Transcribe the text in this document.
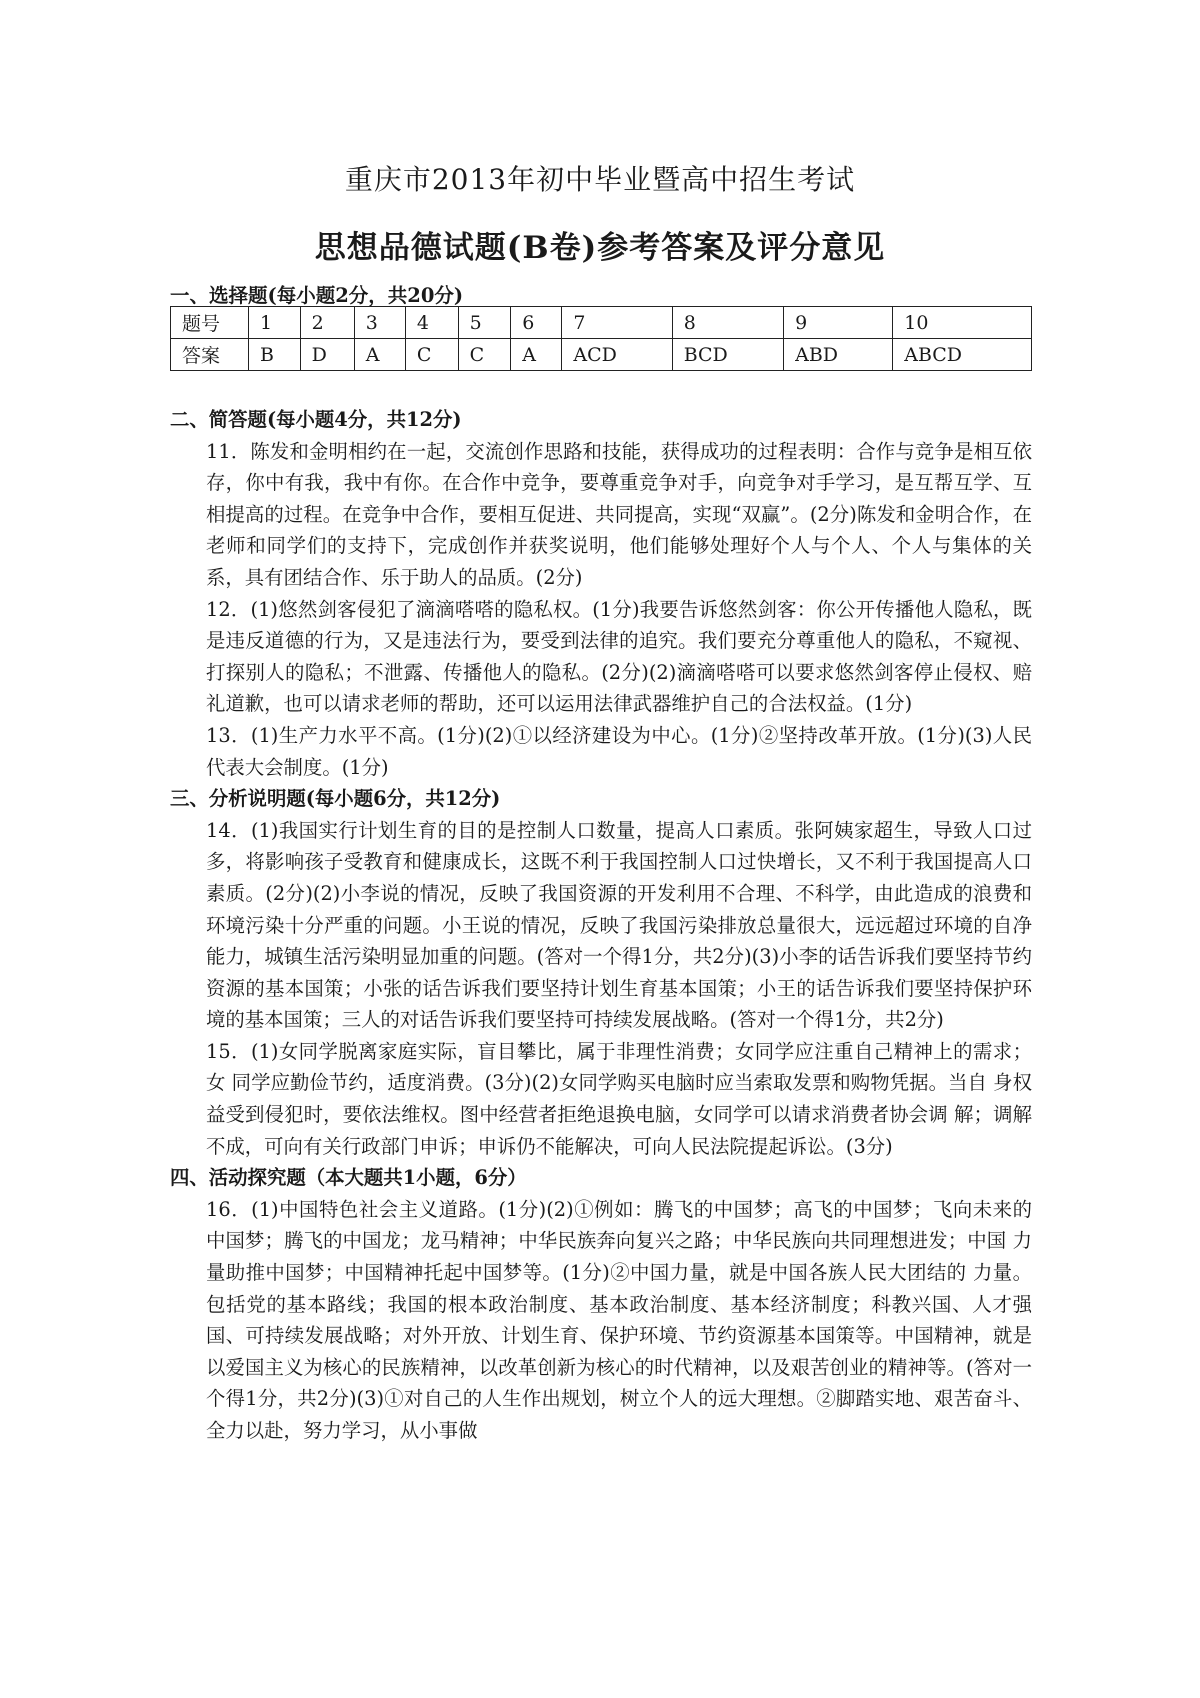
重庆市2013年初中毕业暨高中招生考试
思想品德试题(B卷)参考答案及评分意见
一、选择题(每小题2分，共20分)
题号	1	2	3	4	5	6	7	8	9	10
答案	B	D	A	C	C	A	ACD	BCD	ABD	ABCD
二、简答题(每小题4分，共12分)

11．陈发和金明相约在一起，交流创作思路和技能，获得成功的过程表明：合作与竞争是相互依存，你中有我，我中有你。在合作中竞争，要尊重竞争对手，向竞争对手学习，是互帮互学、互相提高的过程。在竞争中合作，要相互促进、共同提高，实现“双赢”。(2分)陈发和金明合作，在老师和同学们的支持下，完成创作并获奖说明，他们能够处理好个人与个人、个人与集体的关系，具有团结合作、乐于助人的品质。(2分)

12．(1)悠然剑客侵犯了滴滴嗒嗒的隐私权。(1分)我要告诉悠然剑客：你公开传播他人隐私，既是违反道德的行为，又是违法行为，要受到法律的追究。我们要充分尊重他人的隐私，不窥视、打探别人的隐私；不泄露、传播他人的隐私。(2分)(2)滴滴嗒嗒可以要求悠然剑客停止侵权、赔礼道歉，也可以请求老师的帮助，还可以运用法律武器维护自己的合法权益。(1分)

13．(1)生产力水平不高。(1分)(2)①以经济建设为中心。(1分)②坚持改革开放。(1分)(3)人民代表大会制度。(1分)

三、分析说明题(每小题6分，共12分)

14．(1)我国实行计划生育的目的是控制人口数量，提高人口素质。张阿姨家超生，导致人口过多，将影响孩子受教育和健康成长，这既不利于我国控制人口过快增长，又不利于我国提高人口素质。(2分)(2)小李说的情况，反映了我国资源的开发利用不合理、不科学，由此造成的浪费和环境污染十分严重的问题。小王说的情况，反映了我国污染排放总量很大，远远超过环境的自净能力，城镇生活污染明显加重的问题。(答对一个得1分，共2分)(3)小李的话告诉我们要坚持节约资源的基本国策；小张的话告诉我们要坚持计划生育基本国策；小王的话告诉我们要坚持保护环境的基本国策；三人的对话告诉我们要坚持可持续发展战略。(答对一个得1分，共2分)

15．(1)女同学脱离家庭实际，盲目攀比，属于非理性消费；女同学应注重自己精神上的需求；女 同学应勤俭节约，适度消费。(3分)(2)女同学购买电脑时应当索取发票和购物凭据。当自 身权益受到侵犯时，要依法维权。图中经营者拒绝退换电脑，女同学可以请求消费者协会调 解；调解不成，可向有关行政部门申诉；申诉仍不能解决，可向人民法院提起诉讼。(3分)

四、活动探究题（本大题共1小题，6分）

16．(1)中国特色社会主义道路。(1分)(2)①例如：腾飞的中国梦；高飞的中国梦；飞向未来的 中国梦；腾飞的中国龙；龙马精神；中华民族奔向复兴之路；中华民族向共同理想进发；中国 力量助推中国梦；中国精神托起中国梦等。(1分)②中国力量，就是中国各族人民大团结的 力量。包括党的基本路线；我国的根本政治制度、基本政治制度、基本经济制度；科教兴国、人才强国、可持续发展战略；对外开放、计划生育、保护环境、节约资源基本国策等。中国精神，就是以爱国主义为核心的民族精神，以改革创新为核心的时代精神，以及艰苦创业的精神等。(答对一个得1分，共2分)(3)①对自己的人生作出规划，树立个人的远大理想。②脚踏实地、艰苦奋斗、全力以赴，努力学习，从小事做
